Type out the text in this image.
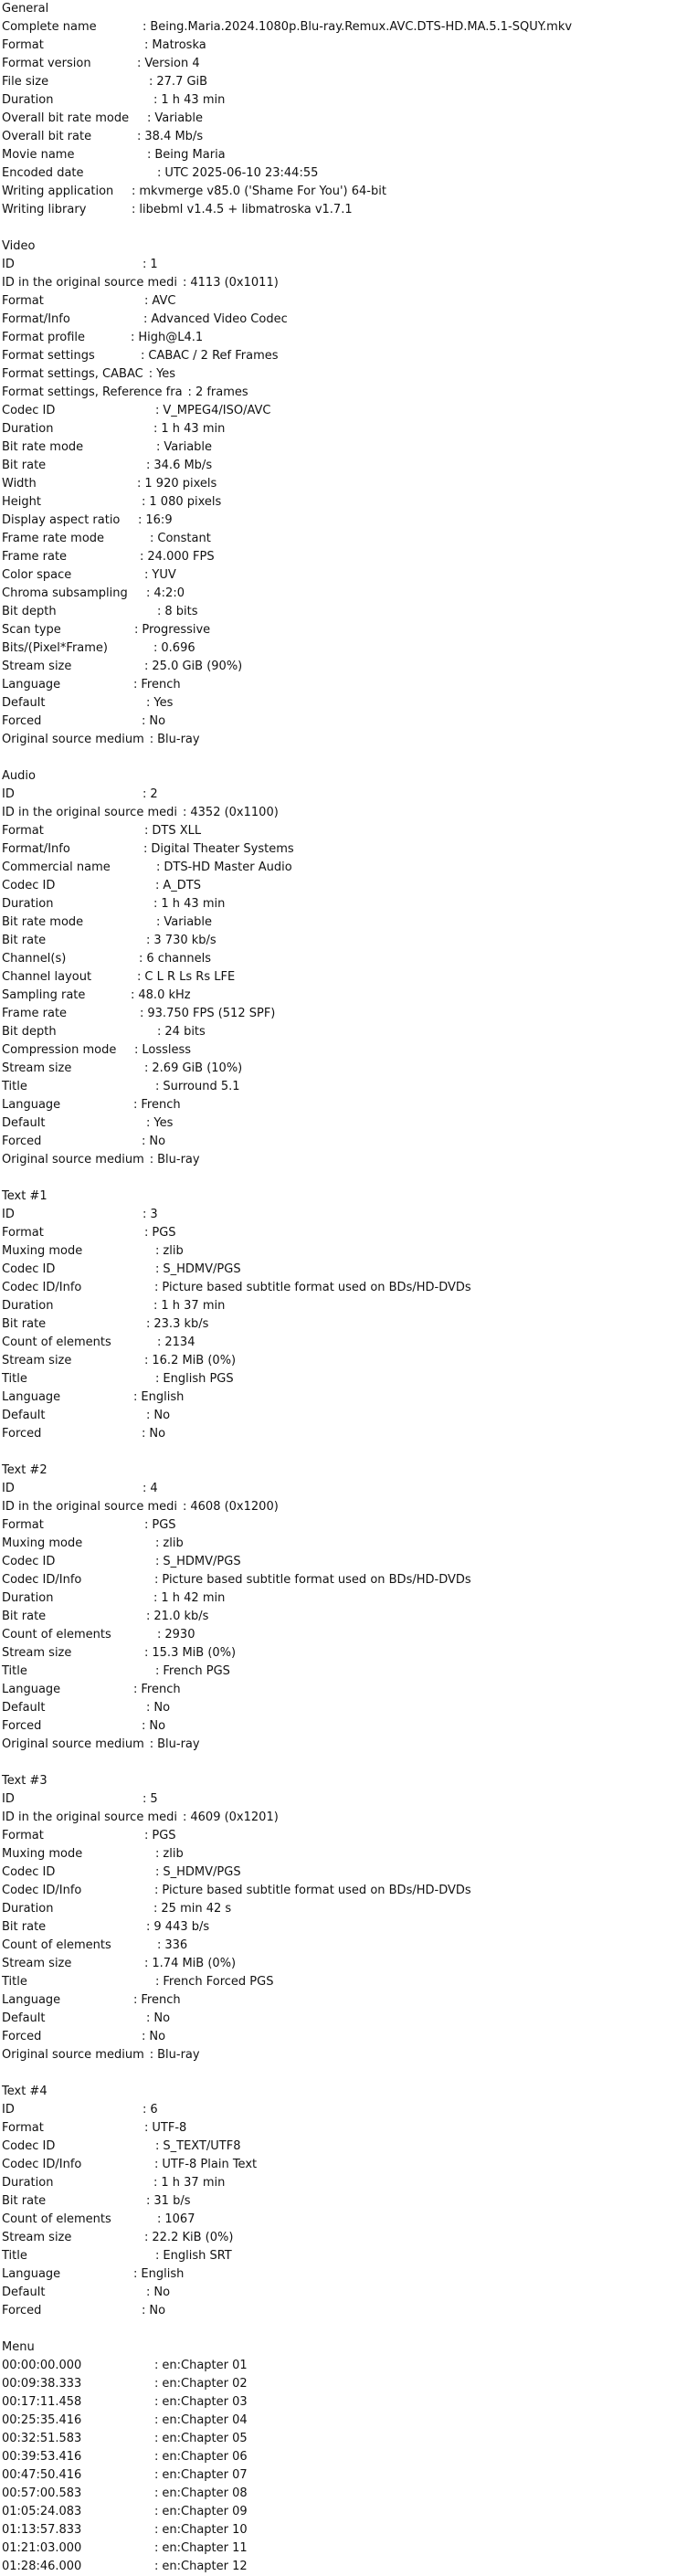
General
Complete name	: Being.Maria.2024.1080p.Blu-ray.Remux.AVC.DTS-HD.MA.5.1-SQUY.mkv
Format	: Matroska
Format version	: Version 4
File size	: 27.7 GiB
Duration	: 1 h 43 min
Overall bit rate mode : Variable
Overall bit rate	: 38.4 Mb/s
Movie name	: Being Maria
Encoded date	: UTC 2025-06-10 23:44:55
Writing application : mkvmerge v85.0 ('Shame For You') 64-bit
Writing library	: libebml v1.4.5 + libmatroska v1.7.1
Video
ID	: 1
ID in the original source medi : 4113 (0x1011)
Format	: AVC
Format/Info	: Advanced Video Codec
Format profile	: High@L4.1
Format settings	: CABAC / 2 Ref Frames
Format settings, CABAC : Yes
Format settings, Reference fra : 2 frames
Codec ID	: V_MPEG4/ISO/AVC
Duration	: 1 h 43 min
Bit rate mode	: Variable
Bit rate	: 34.6 Mb/s
Width	: 1 920 pixels
Height	: 1 080 pixels
Display aspect ratio : 16:9
Frame rate mode	: Constant
Frame rate	: 24.000 FPS
Color space	: YUV
Chroma subsampling : 4:2:0
Bit depth	: 8 bits
Scan type	: Progressive
Bits/(Pixel*Frame)	: 0.696
Stream size	: 25.0 GiB (90%)
Language	: French
Default	: Yes
Forced	: No
Original source medium : Blu-ray
Audio
ID	: 2
ID in the original source medi : 4352 (0x1100)
Format	: DTS XLL
Format/Info	: Digital Theater Systems
Commercial name	: DTS-HD Master Audio
Codec ID	: A_DTS
Duration	: 1 h 43 min
Bit rate mode	: Variable
Bit rate	: 3 730 kb/s
Channel(s)	: 6 channels
Channel layout	: C L R Ls Rs LFE
Sampling rate	: 48.0 kHz
Frame rate	: 93.750 FPS (512 SPF)
Bit depth	: 24 bits
Compression mode : Lossless
Stream size	: 2.69 GiB (10%)
Title	: Surround 5.1
Language	: French
Default	: Yes
Forced	: No
Original source medium : Blu-ray
Text #1
ID	: 3
Format	: PGS
Muxing mode	: zlib
Codec ID	: S_HDMV/PGS
Codec ID/Info	: Picture based subtitle format used on BDs/HD-DVDs
Duration	: 1 h 37 min
Bit rate	: 23.3 kb/s
Count of elements	: 2134
Stream size	: 16.2 MiB (0%)
Title	: English PGS
Language	: English
Default	: No
Forced	: No
Text #2
ID	: 4
ID in the original source medi : 4608 (0x1200)
Format	: PGS
Muxing mode	: zlib
Codec ID	: S_HDMV/PGS
Codec ID/Info	: Picture based subtitle format used on BDs/HD-DVDs
Duration	: 1 h 42 min
Bit rate	: 21.0 kb/s
Count of elements	: 2930
Stream size	: 15.3 MiB (0%)
Title	: French PGS
Language	: French
Default	: No
Forced	: No
Original source medium : Blu-ray
Text #3
ID	: 5
ID in the original source medi : 4609 (0x1201)
Format	: PGS
Muxing mode	: zlib
Codec ID	: S_HDMV/PGS
Codec ID/Info	: Picture based subtitle format used on BDs/HD-DVDs
Duration	: 25 min 42 s
Bit rate	: 9 443 b/s
Count of elements	: 336
Stream size	: 1.74 MiB (0%)
Title	: French Forced PGS
Language	: French
Default	: No
Forced	: No
Original source medium : Blu-ray
Text #4
ID	: 6
Format	: UTF-8
Codec ID	: S_TEXT/UTF8
Codec ID/Info	: UTF-8 Plain Text
Duration	: 1 h 37 min
Bit rate	: 31 b/s
Count of elements	: 1067
Stream size	: 22.2 KiB (0%)
Title	: English SRT
Language	: English
Default	: No
Forced	: No
Menu
00:00:00.000	: en:Chapter 01
00:09:38.333	: en:Chapter 02
00:17:11.458	: en:Chapter 03
00:25:35.416	: en:Chapter 04
00:32:51.583	: en:Chapter 05
00:39:53.416	: en:Chapter 06
00:47:50.416	: en:Chapter 07
00:57:00.583	: en:Chapter 08
01:05:24.083	: en:Chapter 09
01:13:57.833	: en:Chapter 10
01:21:03.000	: en:Chapter 11
01:28:46.000	: en:Chapter 12
